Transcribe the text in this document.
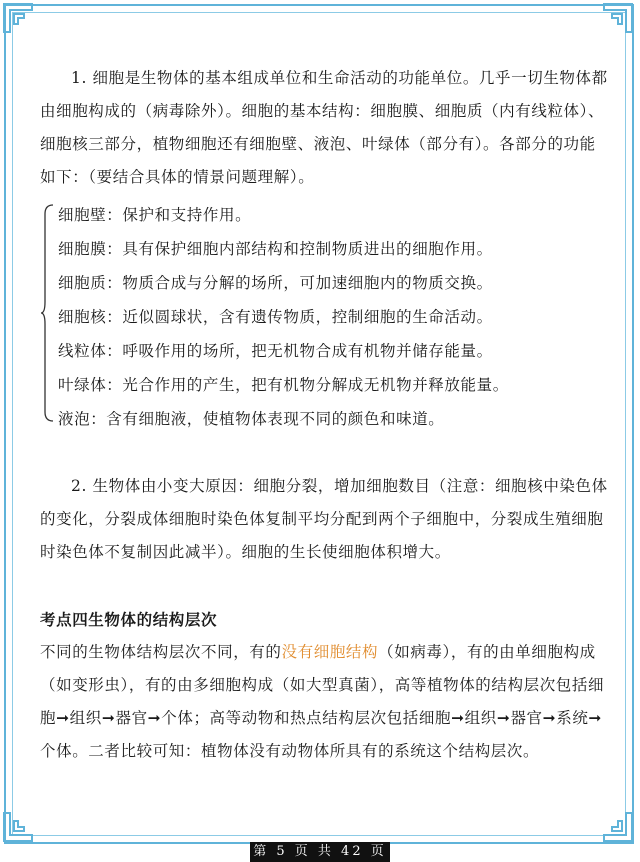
1. 细胞是生物体的基本组成单位和生命活动的功能单位。几乎一切生物体都由细胞构成的（病毒除外）。细胞的基本结构：细胞膜、细胞质（内有线粒体）、细胞核三部分，植物细胞还有细胞壁、液泡、叶绿体（部分有）。各部分的功能如下：（要结合具体的情景问题理解）。

细胞壁：保护和支持作用。

细胞膜：具有保护细胞内部结构和控制物质进出的细胞作用。

细胞质：物质合成与分解的场所，可加速细胞内的物质交换。

细胞核：近似圆球状，含有遗传物质，控制细胞的生命活动。

线粒体：呼吸作用的场所，把无机物合成有机物并储存能量。

叶绿体：光合作用的产生，把有机物分解成无机物并释放能量。

液泡：含有细胞液，使植物体表现不同的颜色和味道。

2. 生物体由小变大原因：细胞分裂，增加细胞数目（注意：细胞核中染色体的变化，分裂成体细胞时染色体复制平均分配到两个子细胞中，分裂成生殖细胞时染色体不复制因此减半）。细胞的生长使细胞体积增大。

考点四生物体的结构层次

不同的生物体结构层次不同，有的没有细胞结构（如病毒），有的由单细胞构成（如变形虫），有的由多细胞构成（如大型真菌），高等植物体的结构层次包括细胞➞组织➞器官➞个体；高等动物和热点结构层次包括细胞➞组织➞器官➞系统➞个体。二者比较可知：植物体没有动物体所具有的系统这个结构层次。

第 5 页 共 42 页
